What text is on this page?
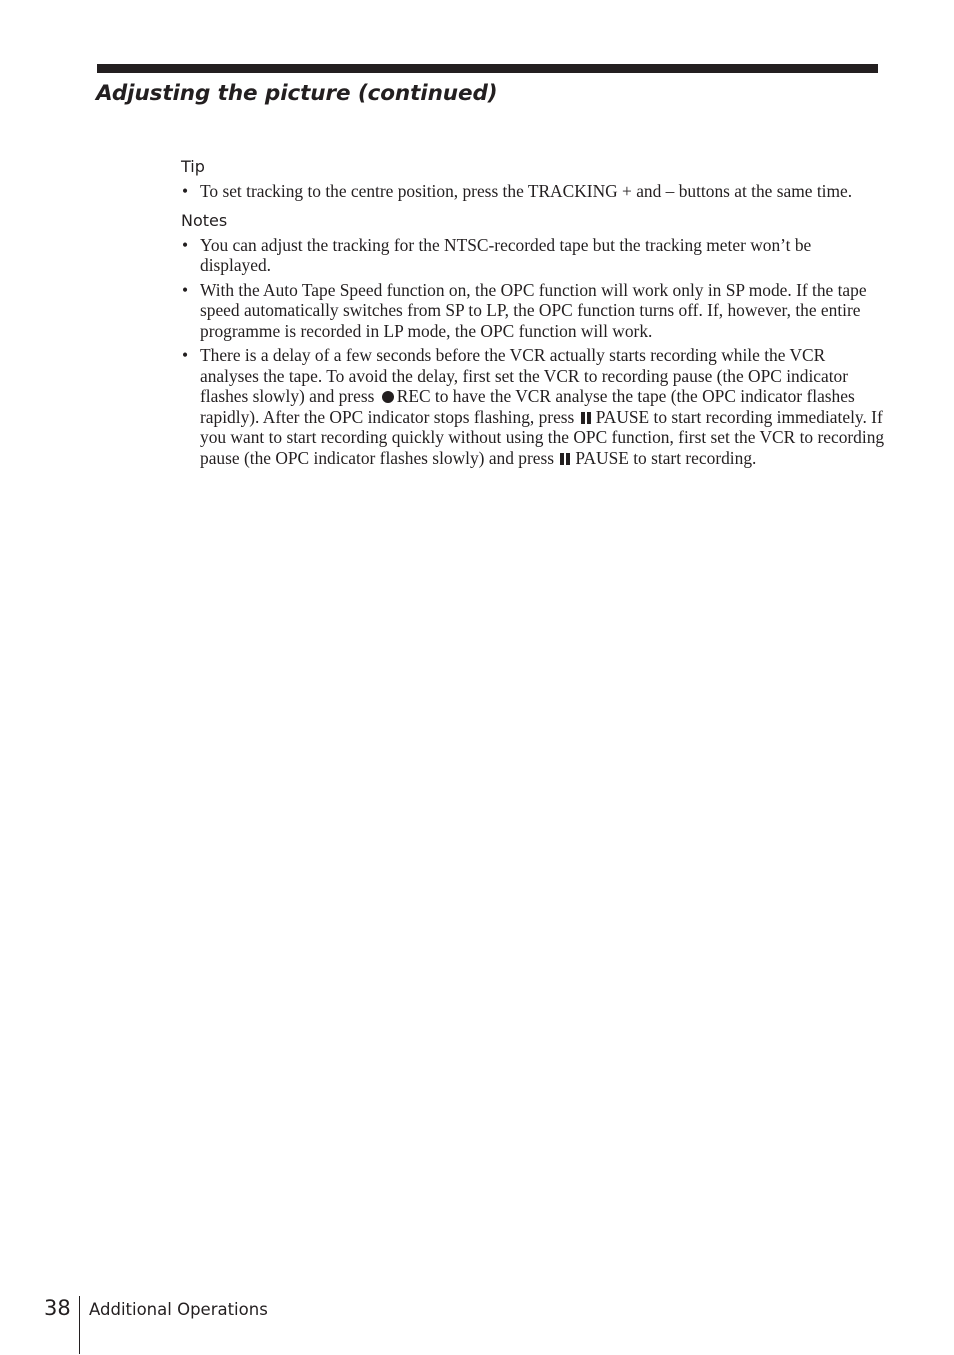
Adjusting the picture (continued)

Tip

• To set tracking to the centre position, press the TRACKING + and – buttons at the same time.

Notes

• You can adjust the tracking for the NTSC-recorded tape but the tracking meter won’t be displayed.
• With the Auto Tape Speed function on, the OPC function will work only in SP mode. If the tape speed automatically switches from SP to LP, the OPC function turns off. If, however, the entire programme is recorded in LP mode, the OPC function will work.
• There is a delay of a few seconds before the VCR actually starts recording while the VCR analyses the tape. To avoid the delay, first set the VCR to recording pause (the OPC indicator flashes slowly) and press REC to have the VCR analyse the tape (the OPC indicator flashes rapidly). After the OPC indicator stops flashing, press PAUSE to start recording immediately. If you want to start recording quickly without using the OPC function, first set the VCR to recording pause (the OPC indicator flashes slowly) and press PAUSE to start recording.
38 Additional Operations
